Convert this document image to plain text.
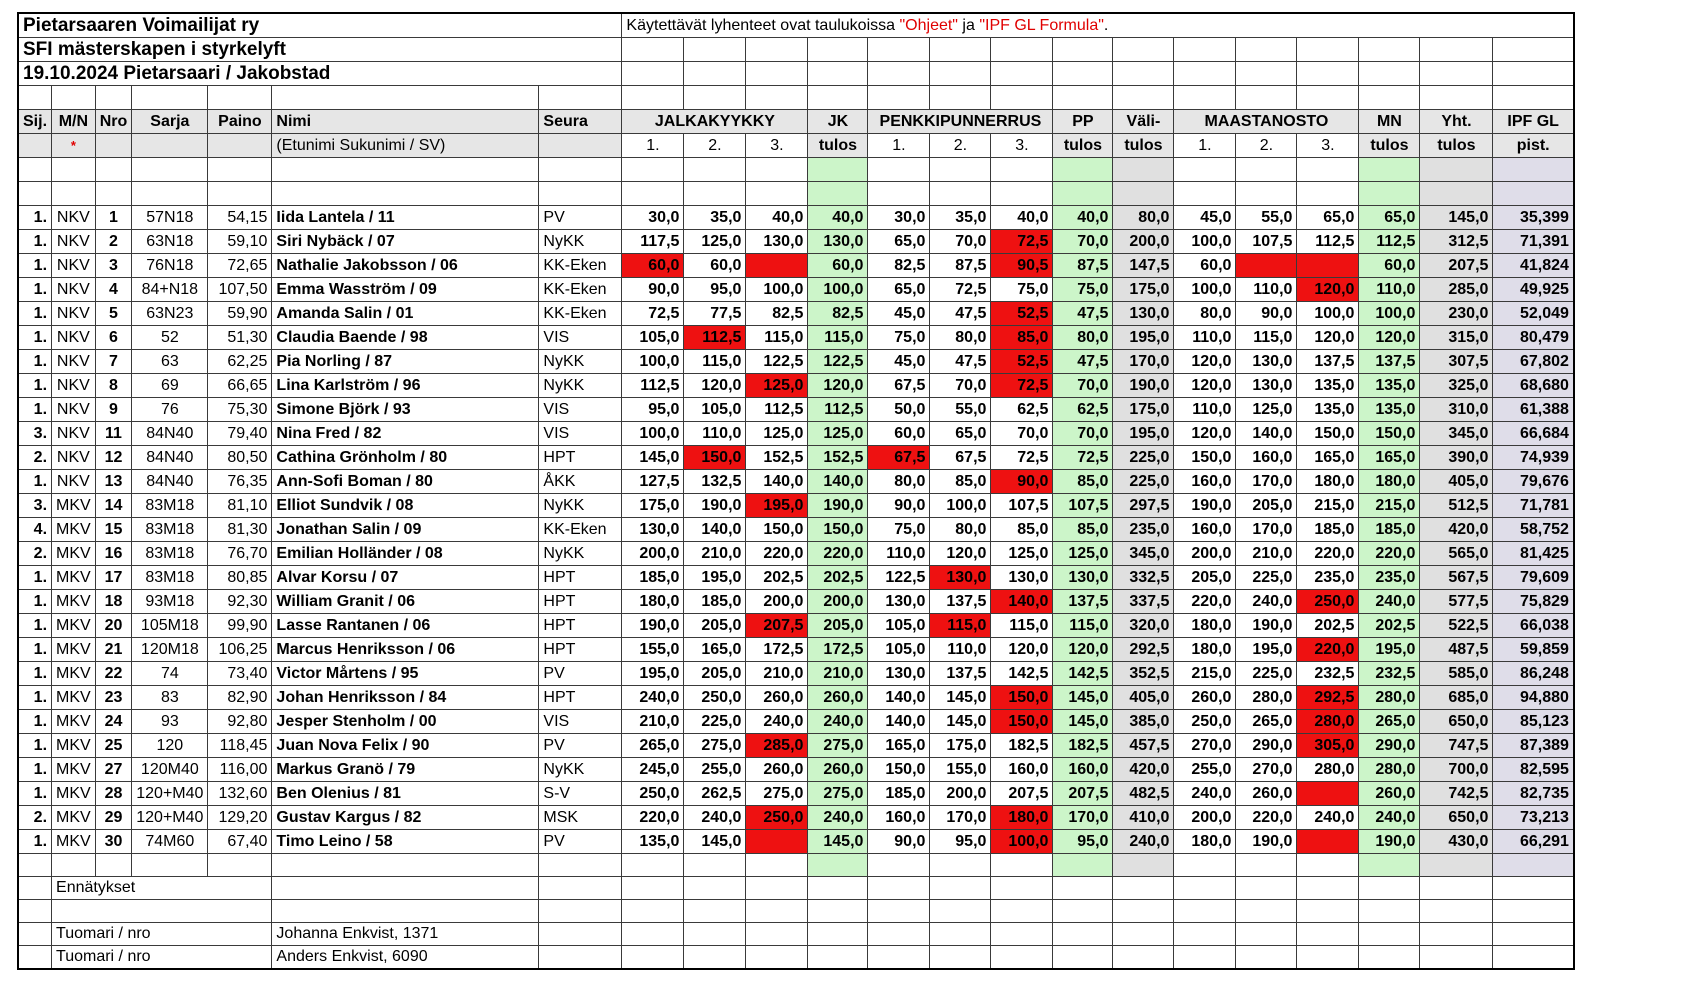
Pietarsaaren Voimailijat ry							Käytettävät lyhenteet ovat taulukoissa "Ohjeet" ja "IPF GL Formula".														
SFI mästerskapen i styrkelyft																					
19.10.2024 Pietarsaari / Jakobstad																					

Sij.	M/N	Nro	Sarja	Paino	Nimi	Seura	JALKAKYYKKY			JK	PENKKIPUNNERRUS			PP	Väli-	MAASTANOSTO			MN	Yht.	IPF GL
	*				(Etunimi Sukunimi / SV)		1.	2.	3.	tulos	1.	2.	3.	tulos	tulos	1.	2.	3.	tulos	tulos	pist.

1.	NKV	1	57N18	54,15	Iida Lantela / 11	PV	30,0	35,0	40,0	40,0	30,0	35,0	40,0	40,0	80,0	45,0	55,0	65,0	65,0	145,0	35,399
1.	NKV	2	63N18	59,10	Siri Nybäck / 07	NyKK	117,5	125,0	130,0	130,0	65,0	70,0	72,5	70,0	200,0	100,0	107,5	112,5	112,5	312,5	71,391
1.	NKV	3	76N18	72,65	Nathalie Jakobsson / 06	KK-Eken	60,0	60,0		60,0	82,5	87,5	90,5	87,5	147,5	60,0			60,0	207,5	41,824
1.	NKV	4	84+N18	107,50	Emma Wasström / 09	KK-Eken	90,0	95,0	100,0	100,0	65,0	72,5	75,0	75,0	175,0	100,0	110,0	120,0	110,0	285,0	49,925
1.	NKV	5	63N23	59,90	Amanda Salin / 01	KK-Eken	72,5	77,5	82,5	82,5	45,0	47,5	52,5	47,5	130,0	80,0	90,0	100,0	100,0	230,0	52,049
1.	NKV	6	52	51,30	Claudia Baende / 98	VIS	105,0	112,5	115,0	115,0	75,0	80,0	85,0	80,0	195,0	110,0	115,0	120,0	120,0	315,0	80,479
1.	NKV	7	63	62,25	Pia Norling / 87	NyKK	100,0	115,0	122,5	122,5	45,0	47,5	52,5	47,5	170,0	120,0	130,0	137,5	137,5	307,5	67,802
1.	NKV	8	69	66,65	Lina Karlström / 96	NyKK	112,5	120,0	125,0	120,0	67,5	70,0	72,5	70,0	190,0	120,0	130,0	135,0	135,0	325,0	68,680
1.	NKV	9	76	75,30	Simone Björk / 93	VIS	95,0	105,0	112,5	112,5	50,0	55,0	62,5	62,5	175,0	110,0	125,0	135,0	135,0	310,0	61,388
3.	NKV	11	84N40	79,40	Nina Fred / 82	VIS	100,0	110,0	125,0	125,0	60,0	65,0	70,0	70,0	195,0	120,0	140,0	150,0	150,0	345,0	66,684
2.	NKV	12	84N40	80,50	Cathina Grönholm / 80	HPT	145,0	150,0	152,5	152,5	67,5	67,5	72,5	72,5	225,0	150,0	160,0	165,0	165,0	390,0	74,939
1.	NKV	13	84N40	76,35	Ann-Sofi Boman / 80	ÅKK	127,5	132,5	140,0	140,0	80,0	85,0	90,0	85,0	225,0	160,0	170,0	180,0	180,0	405,0	79,676
3.	MKV	14	83M18	81,10	Elliot Sundvik / 08	NyKK	175,0	190,0	195,0	190,0	90,0	100,0	107,5	107,5	297,5	190,0	205,0	215,0	215,0	512,5	71,781
4.	MKV	15	83M18	81,30	Jonathan Salin / 09	KK-Eken	130,0	140,0	150,0	150,0	75,0	80,0	85,0	85,0	235,0	160,0	170,0	185,0	185,0	420,0	58,752
2.	MKV	16	83M18	76,70	Emilian Holländer / 08	NyKK	200,0	210,0	220,0	220,0	110,0	120,0	125,0	125,0	345,0	200,0	210,0	220,0	220,0	565,0	81,425
1.	MKV	17	83M18	80,85	Alvar Korsu / 07	HPT	185,0	195,0	202,5	202,5	122,5	130,0	130,0	130,0	332,5	205,0	225,0	235,0	235,0	567,5	79,609
1.	MKV	18	93M18	92,30	William Granit / 06	HPT	180,0	185,0	200,0	200,0	130,0	137,5	140,0	137,5	337,5	220,0	240,0	250,0	240,0	577,5	75,829
1.	MKV	20	105M18	99,90	Lasse Rantanen / 06	HPT	190,0	205,0	207,5	205,0	105,0	115,0	115,0	115,0	320,0	180,0	190,0	202,5	202,5	522,5	66,038
1.	MKV	21	120M18	106,25	Marcus Henriksson / 06	HPT	155,0	165,0	172,5	172,5	105,0	110,0	120,0	120,0	292,5	180,0	195,0	220,0	195,0	487,5	59,859
1.	MKV	22	74	73,40	Victor Mårtens / 95	PV	195,0	205,0	210,0	210,0	130,0	137,5	142,5	142,5	352,5	215,0	225,0	232,5	232,5	585,0	86,248
1.	MKV	23	83	82,90	Johan Henriksson / 84	HPT	240,0	250,0	260,0	260,0	140,0	145,0	150,0	145,0	405,0	260,0	280,0	292,5	280,0	685,0	94,880
1.	MKV	24	93	92,80	Jesper Stenholm / 00	VIS	210,0	225,0	240,0	240,0	140,0	145,0	150,0	145,0	385,0	250,0	265,0	280,0	265,0	650,0	85,123
1.	MKV	25	120	118,45	Juan Nova Felix / 90	PV	265,0	275,0	285,0	275,0	165,0	175,0	182,5	182,5	457,5	270,0	290,0	305,0	290,0	747,5	87,389
1.	MKV	27	120M40	116,00	Markus Granö / 79	NyKK	245,0	255,0	260,0	260,0	150,0	155,0	160,0	160,0	420,0	255,0	270,0	280,0	280,0	700,0	82,595
1.	MKV	28	120+M40	132,60	Ben Olenius / 81	S-V	250,0	262,5	275,0	275,0	185,0	200,0	207,5	207,5	482,5	240,0	260,0		260,0	742,5	82,735
2.	MKV	29	120+M40	129,20	Gustav Kargus / 82	MSK	220,0	240,0	250,0	240,0	160,0	170,0	180,0	170,0	410,0	200,0	220,0	240,0	240,0	650,0	73,213
1.	MKV	30	74M60	67,40	Timo Leino / 58	PV	135,0	145,0		145,0	90,0	95,0	100,0	95,0	240,0	180,0	190,0		190,0	430,0	66,291

	Ennätykset																				

	Tuomari / nro				Johanna Enkvist, 1371																
	Tuomari / nro				Anders Enkvist, 6090																
